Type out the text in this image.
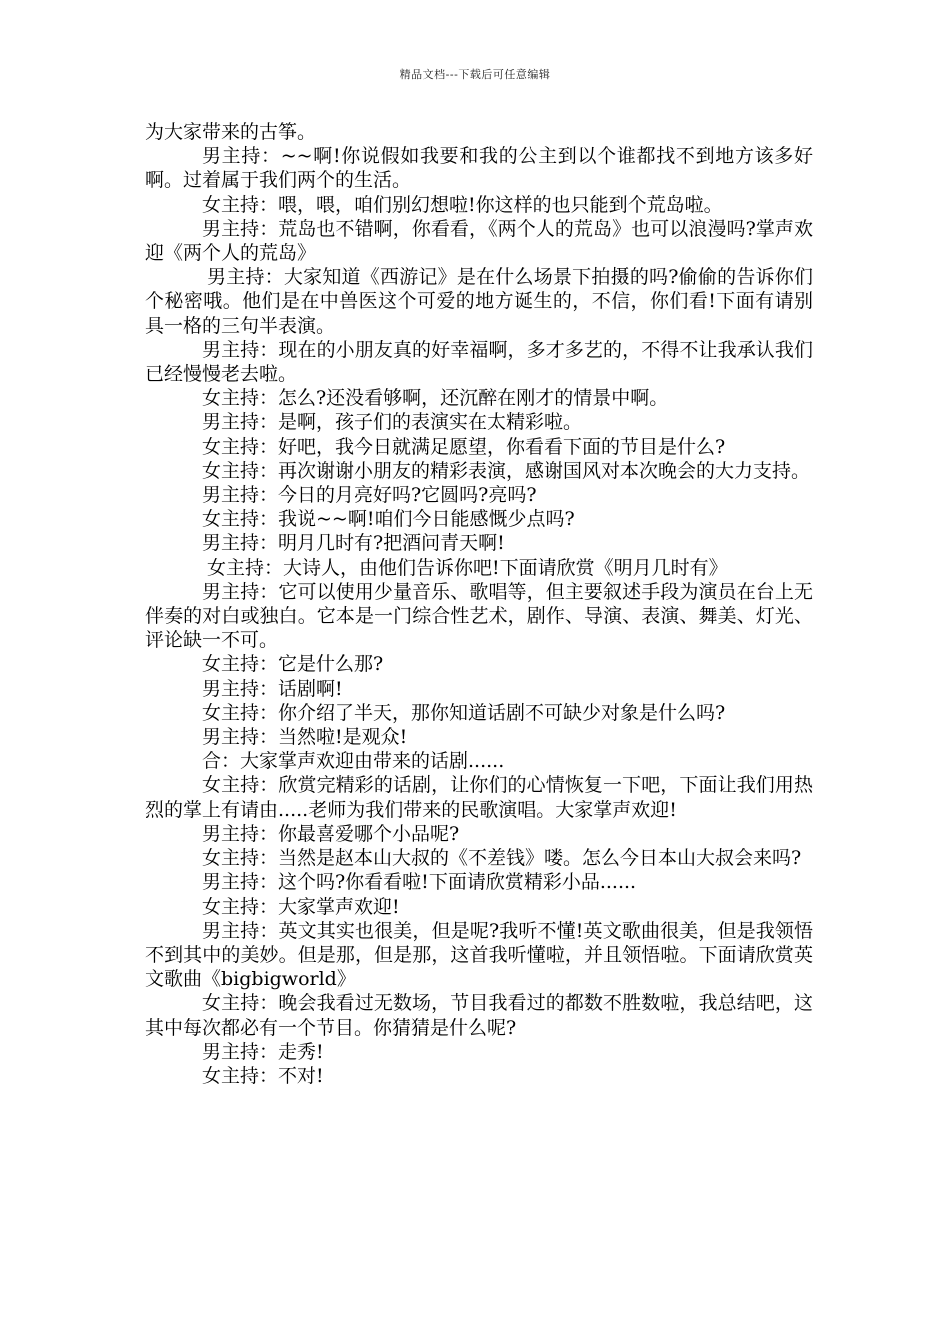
精品文档---下载后可任意编辑

为大家带来的古筝。

男主持：~~啊!你说假如我要和我的公主到以个谁都找不到地方该多好啊。过着属于我们两个的生活。

女主持：喂，喂，咱们别幻想啦!你这样的也只能到个荒岛啦。

男主持：荒岛也不错啊，你看看，《两个人的荒岛》也可以浪漫吗?掌声欢迎《两个人的荒岛》

男主持：大家知道《西游记》是在什么场景下拍摄的吗?偷偷的告诉你们个秘密哦。他们是在中兽医这个可爱的地方诞生的，不信，你们看!下面有请别具一格的三句半表演。

男主持：现在的小朋友真的好幸福啊，多才多艺的，不得不让我承认我们已经慢慢老去啦。

女主持：怎么?还没看够啊，还沉醉在刚才的情景中啊。

男主持：是啊，孩子们的表演实在太精彩啦。

女主持：好吧，我今日就满足愿望，你看看下面的节目是什么?

女主持：再次谢谢小朋友的精彩表演，感谢国风对本次晚会的大力支持。

男主持：今日的月亮好吗?它圆吗?亮吗?

女主持：我说~~啊!咱们今日能感慨少点吗?

男主持：明月几时有?把酒问青天啊!

女主持：大诗人，由他们告诉你吧!下面请欣赏《明月几时有》

男主持：它可以使用少量音乐、歌唱等，但主要叙述手段为演员在台上无伴奏的对白或独白。它本是一门综合性艺术，剧作、导演、表演、舞美、灯光、评论缺一不可。

女主持：它是什么那?

男主持：话剧啊!

女主持：你介绍了半天，那你知道话剧不可缺少对象是什么吗?

男主持：当然啦!是观众!

合：大家掌声欢迎由带来的话剧......

女主持：欣赏完精彩的话剧，让你们的心情恢复一下吧，下面让我们用热烈的掌上有请由.....老师为我们带来的民歌演唱。大家掌声欢迎!

男主持：你最喜爱哪个小品呢?

女主持：当然是赵本山大叔的《不差钱》喽。怎么今日本山大叔会来吗?

男主持：这个吗?你看看啦!下面请欣赏精彩小品......

女主持：大家掌声欢迎!

男主持：英文其实也很美，但是呢?我听不懂!英文歌曲很美，但是我领悟不到其中的美妙。但是那，但是那，这首我听懂啦，并且领悟啦。下面请欣赏英文歌曲《bigbigworld》

女主持：晚会我看过无数场，节目我看过的都数不胜数啦，我总结吧，这其中每次都必有一个节目。你猜猜是什么呢?

男主持：走秀!

女主持：不对!
